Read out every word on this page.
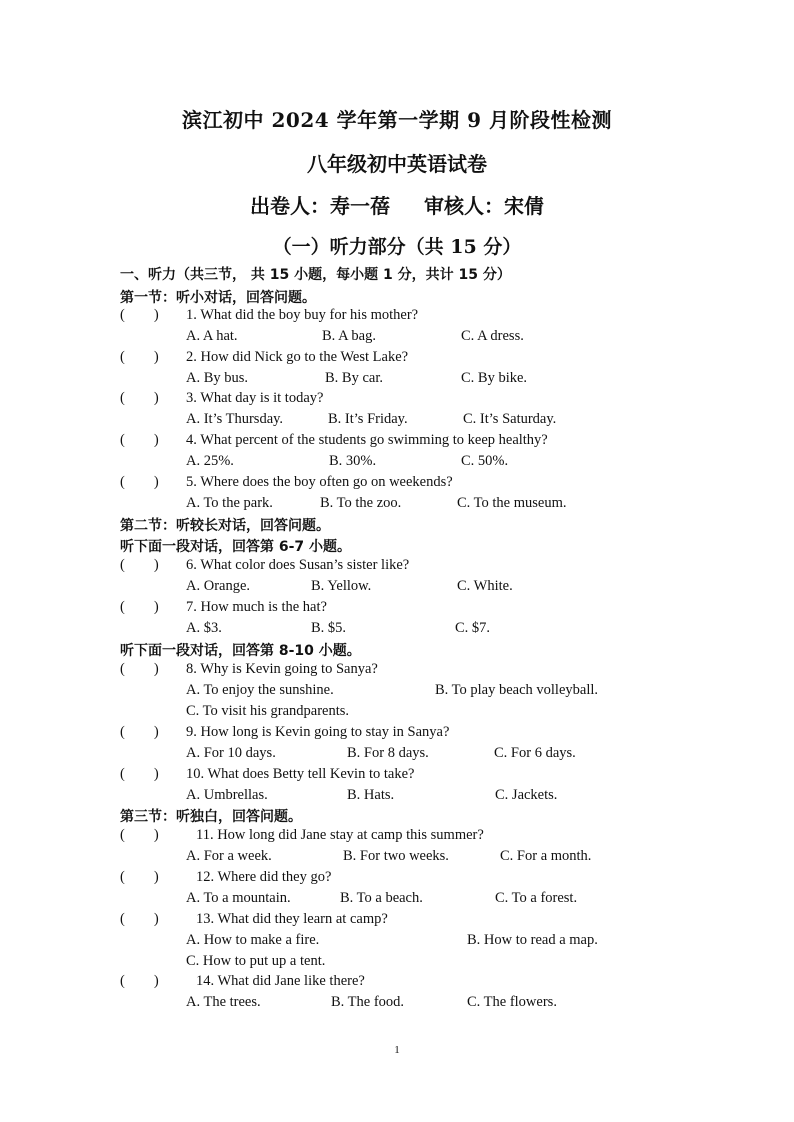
滨江初中 2024 学年第一学期 9 月阶段性检测
八年级初中英语试卷
出卷人：寿一蓓 审核人：宋倩
（一）听力部分（共 15 分）
一、听力（共三节， 共 15 小题，每小题 1 分，共计 15 分）
第一节：听小对话，回答问题。
(        ) 1. What did the boy buy for his mother?
A. A hat.	B. A bag.	C. A dress.
(        ) 2. How did Nick go to the West Lake?
A. By bus.	B. By car.	C. By bike.
(        ) 3. What day is it today?
A. It’s Thursday.	B. It’s Friday.	C. It’s Saturday.
(        ) 4. What percent of the students go swimming to keep healthy?
A. 25%.	B. 30%.	C. 50%.
(        ) 5. Where does the boy often go on weekends?
A. To the park.	B. To the zoo.	C. To the museum.
第二节：听较长对话，回答问题。
听下面一段对话，回答第 6-7 小题。
(        ) 6. What color does Susan’s sister like?
A. Orange.	B. Yellow.	C. White.
(        ) 7. How much is the hat?
A. $3.	B. $5.	C. $7.
听下面一段对话，回答第 8-10 小题。
(        ) 8. Why is Kevin going to Sanya?
A. To enjoy the sunshine.	B. To play beach volleyball.
C. To visit his grandparents.
(        ) 9. How long is Kevin going to stay in Sanya?
A. For 10 days.	B. For 8 days.	C. For 6 days.
(        ) 10. What does Betty tell Kevin to take?
A. Umbrellas.	B. Hats.	C. Jackets.
第三节：听独白，回答问题。
(        )	11. How long did Jane stay at camp this summer?
A. For a week.	B. For two weeks.	C. For a month.
(        )	12. Where did they go?
A. To a mountain.	B. To a beach.	C. To a forest.
(        )	13. What did they learn at camp?
A. How to make a fire.	B. How to read a map.
C. How to put up a tent.
(        )	14. What did Jane like there?
A. The trees.	B. The food.	C. The flowers.
1
